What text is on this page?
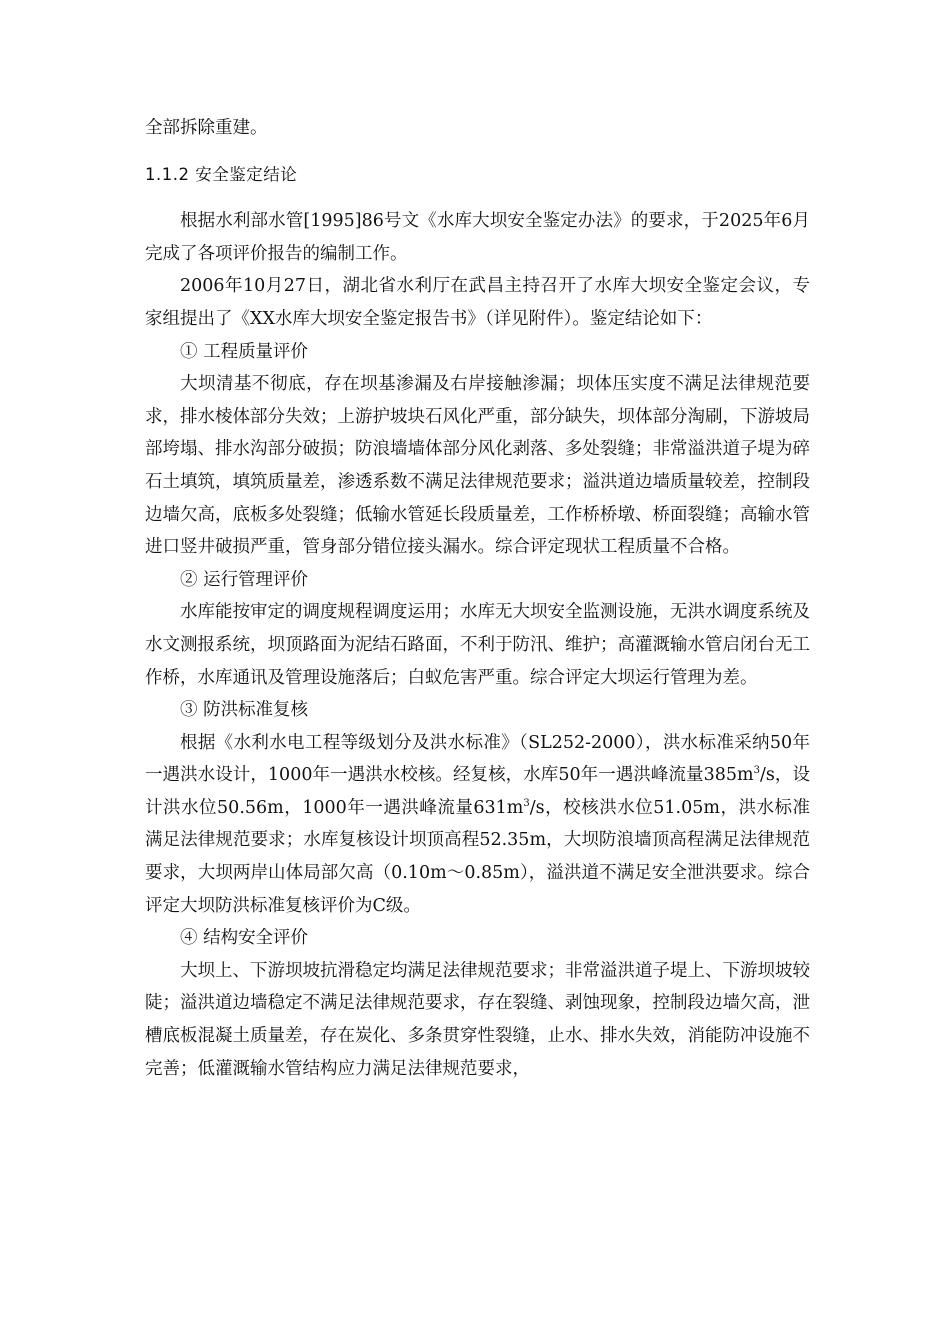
全部拆除重建。

1.1.2 安全鉴定结论

根据水利部水管[1995]86号文《水库大坝安全鉴定办法》的要求，于2025年6月完成了各项评价报告的编制工作。

2006年10月27日，湖北省水利厅在武昌主持召开了水库大坝安全鉴定会议，专家组提出了《XX水库大坝安全鉴定报告书》（详见附件）。鉴定结论如下：

① 工程质量评价

大坝清基不彻底，存在坝基渗漏及右岸接触渗漏；坝体压实度不满足法律规范要求，排水棱体部分失效；上游护坡块石风化严重，部分缺失，坝体部分淘刷，下游坡局部垮塌、排水沟部分破损；防浪墙墙体部分风化剥落、多处裂缝；非常溢洪道子堤为碎石土填筑，填筑质量差，渗透系数不满足法律规范要求；溢洪道边墙质量较差，控制段边墙欠高，底板多处裂缝；低输水管延长段质量差，工作桥桥墩、桥面裂缝；高输水管进口竖井破损严重，管身部分错位接头漏水。综合评定现状工程质量不合格。

② 运行管理评价

水库能按审定的调度规程调度运用；水库无大坝安全监测设施，无洪水调度系统及水文测报系统，坝顶路面为泥结石路面，不利于防汛、维护；高灌溉输水管启闭台无工作桥，水库通讯及管理设施落后；白蚁危害严重。综合评定大坝运行管理为差。

③ 防洪标准复核

根据《水利水电工程等级划分及洪水标准》（SL252-2000），洪水标准采纳50年一遇洪水设计，1000年一遇洪水校核。经复核，水库50年一遇洪峰流量$385m^3/s$，设计洪水位50.56m，1000年一遇洪峰流量$631m^3/s$，校核洪水位51.05m，洪水标准满足法律规范要求；水库复核设计坝顶高程52.35m，大坝防浪墙顶高程满足法律规范要求，大坝两岸山体局部欠高（0.10m～0.85m），溢洪道不满足安全泄洪要求。综合评定大坝防洪标准复核评价为C级。

④ 结构安全评价

大坝上、下游坝坡抗滑稳定均满足法律规范要求；非常溢洪道子堤上、下游坝坡较陡；溢洪道边墙稳定不满足法律规范要求，存在裂缝、剥蚀现象，控制段边墙欠高，泄槽底板混凝土质量差，存在炭化、多条贯穿性裂缝，止水、排水失效，消能防冲设施不完善；低灌溉输水管结构应力满足法律规范要求，
